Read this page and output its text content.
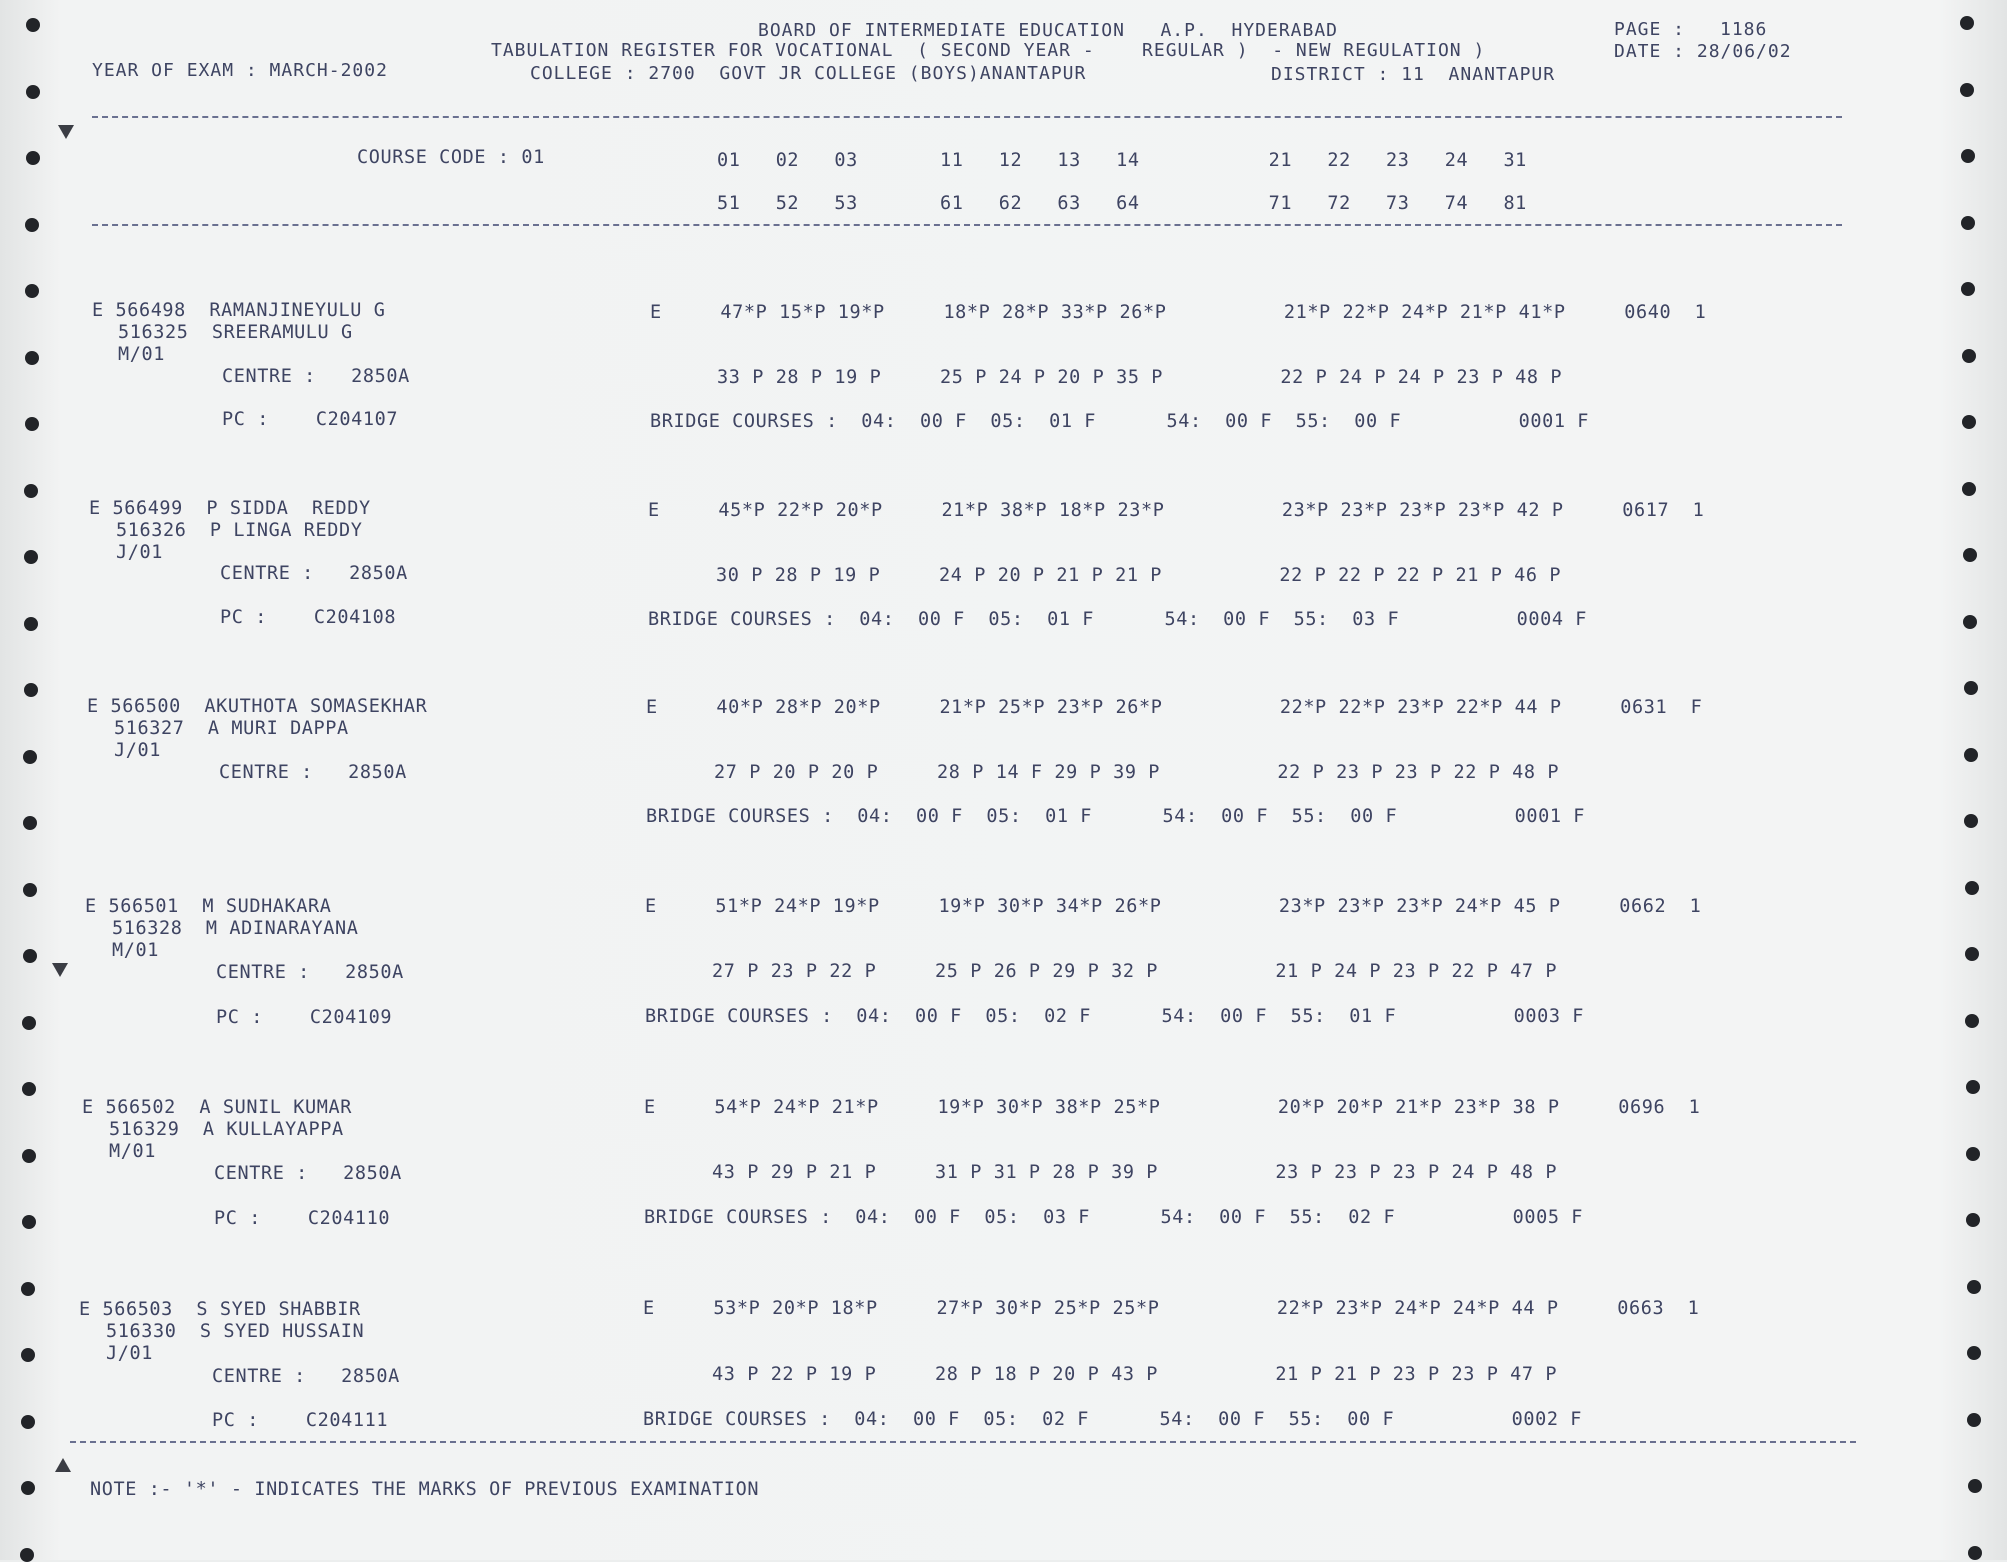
BOARD OF INTERMEDIATE EDUCATION   A.P.  HYDERABAD	PAGE : 1186
TABULATION REGISTER FOR VOCATIONAL  ( SECOND YEAR -    REGULAR )  - NEW REGULATION )	DATE : 28/06/02
YEAR OF EXAM : MARCH-2002	COLLEGE : 2700  GOVT JR COLLEGE (BOYS)ANANTAPUR	DISTRICT : 11  ANANTAPUR
COURSE CODE : 01	01   02   03       11   12   13   14           21   22   23   24   31
51   52   53       61   62   63   64           71   72   73   74   81
E 566498  RAMANJINEYULU G
516325  SREERAMULU G
M/01
CENTRE :   2850A
PC :    C204107
E     47*P 15*P 19*P     18*P 28*P 33*P 26*P          21*P 22*P 24*P 21*P 41*P     0640  1
33 P 28 P 19 P     25 P 24 P 20 P 35 P          22 P 24 P 24 P 23 P 48 P
BRIDGE COURSES :  04:  00 F  05:  01 F      54:  00 F  55:  00 F          0001 F
E 566499  P SIDDA  REDDY
516326  P LINGA REDDY
J/01
CENTRE :   2850A
PC :    C204108
E     45*P 22*P 20*P     21*P 38*P 18*P 23*P          23*P 23*P 23*P 23*P 42 P     0617  1
30 P 28 P 19 P     24 P 20 P 21 P 21 P          22 P 22 P 22 P 21 P 46 P
BRIDGE COURSES :  04:  00 F  05:  01 F      54:  00 F  55:  03 F          0004 F
E 566500  AKUTHOTA SOMASEKHAR
516327  A MURI DAPPA
J/01
CENTRE :   2850A
E     40*P 28*P 20*P     21*P 25*P 23*P 26*P          22*P 22*P 23*P 22*P 44 P     0631  F
27 P 20 P 20 P     28 P 14 F 29 P 39 P          22 P 23 P 23 P 22 P 48 P
BRIDGE COURSES :  04:  00 F  05:  01 F      54:  00 F  55:  00 F          0001 F
E 566501  M SUDHAKARA
516328  M ADINARAYANA
M/01
CENTRE :   2850A
PC :    C204109
E     51*P 24*P 19*P     19*P 30*P 34*P 26*P          23*P 23*P 23*P 24*P 45 P     0662  1
27 P 23 P 22 P     25 P 26 P 29 P 32 P          21 P 24 P 23 P 22 P 47 P
BRIDGE COURSES :  04:  00 F  05:  02 F      54:  00 F  55:  01 F          0003 F
E 566502  A SUNIL KUMAR
516329  A KULLAYAPPA
M/01
CENTRE :   2850A
PC :    C204110
E     54*P 24*P 21*P     19*P 30*P 38*P 25*P          20*P 20*P 21*P 23*P 38 P     0696  1
43 P 29 P 21 P     31 P 31 P 28 P 39 P          23 P 23 P 23 P 24 P 48 P
BRIDGE COURSES :  04:  00 F  05:  03 F      54:  00 F  55:  02 F          0005 F
E 566503  S SYED SHABBIR
516330  S SYED HUSSAIN
J/01
CENTRE :   2850A
PC :    C204111
E     53*P 20*P 18*P     27*P 30*P 25*P 25*P          22*P 23*P 24*P 24*P 44 P     0663  1
43 P 22 P 19 P     28 P 18 P 20 P 43 P          21 P 21 P 23 P 23 P 47 P
BRIDGE COURSES :  04:  00 F  05:  02 F      54:  00 F  55:  00 F          0002 F
NOTE :- '*' - INDICATES THE MARKS OF PREVIOUS EXAMINATION
